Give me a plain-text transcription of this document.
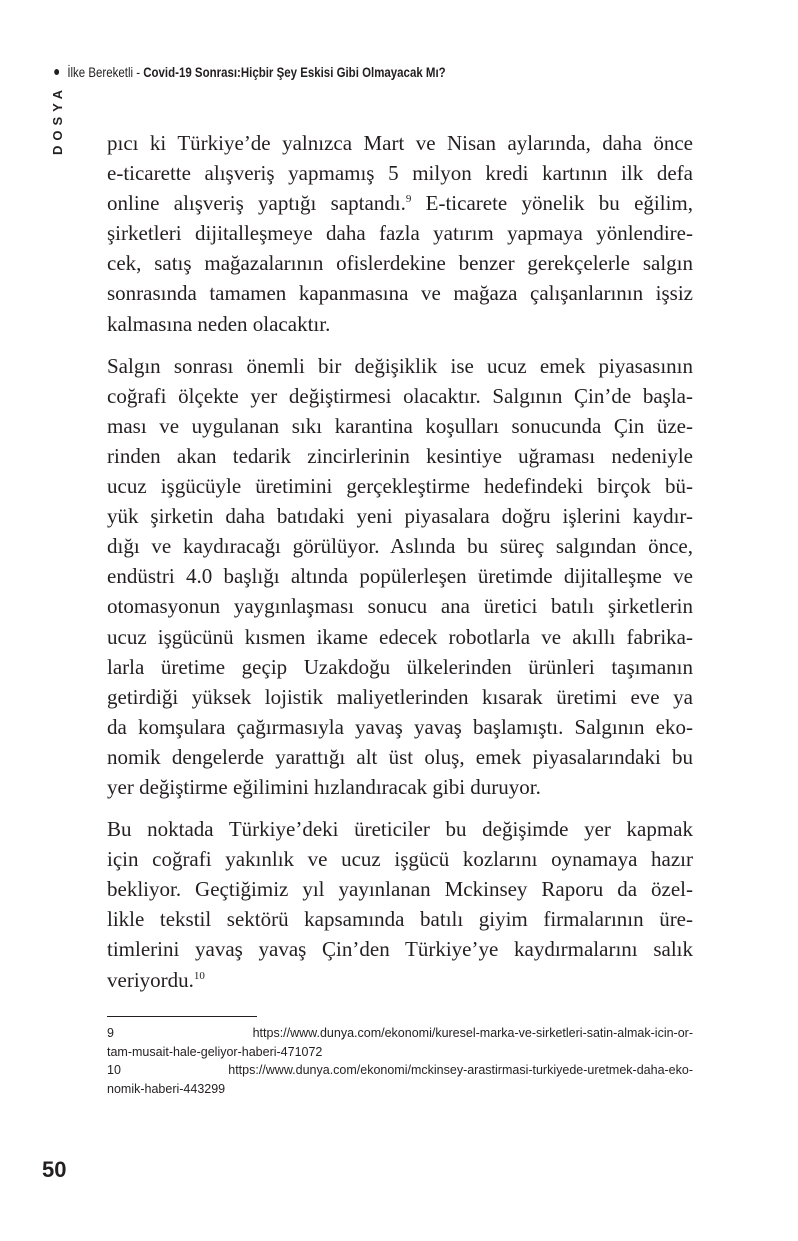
İlke Bereketli - Covid-19 Sonrası:Hiçbir Şey Eskisi Gibi Olmayacak Mı?
DOSYA pıcı ki Türkiye’de yalnızca Mart ve Nisan aylarında, daha önce
e-ticarette alışveriş yapmamış 5 milyon kredi kartının ilk defa
online alışveriş yaptığı saptandı.$^9$ E-ticarete yönelik bu eğilim,
şirketleri dijitalleşmeye daha fazla yatırım yapmaya yönlendire-
cek, satış mağazalarının ofislerdekine benzer gerekçelerle salgın
sonrasında tamamen kapanmasına ve mağaza çalışanlarının işsiz
kalmasına neden olacaktır.
Salgın sonrası önemli bir değişiklik ise ucuz emek piyasasının
coğrafi ölçekte yer değiştirmesi olacaktır. Salgının Çin’de başla-
ması ve uygulanan sıkı karantina koşulları sonucunda Çin üze-
rinden akan tedarik zincirlerinin kesintiye uğraması nedeniyle
ucuz işgücüyle üretimini gerçekleştirme hedefindeki birçok bü-
yük şirketin daha batıdaki yeni piyasalara doğru işlerini kaydır-
dığı ve kaydıracağı görülüyor. Aslında bu süreç salgından önce,
endüstri 4.0 başlığı altında popülerleşen üretimde dijitalleşme ve
otomasyonun yaygınlaşması sonucu ana üretici batılı şirketlerin
ucuz işgücünü kısmen ikame edecek robotlarla ve akıllı fabrika-
larla üretime geçip Uzakdoğu ülkelerinden ürünleri taşımanın
getirdiği yüksek lojistik maliyetlerinden kısarak üretimi eve ya
da komşulara çağırmasıyla yavaş yavaş başlamıştı. Salgının eko-
nomik dengelerde yarattığı alt üst oluş, emek piyasalarındaki bu
yer değiştirme eğilimini hızlandıracak gibi duruyor.
Bu noktada Türkiye’deki üreticiler bu değişimde yer kapmak
için coğrafi yakınlık ve ucuz işgücü kozlarını oynamaya hazır
bekliyor. Geçtiğimiz yıl yayınlanan Mckinsey Raporu da özel-
likle tekstil sektörü kapsamında batılı giyim firmalarının üre-
timlerini yavaş yavaş Çin’den Türkiye’ye kaydırmalarını salık
veriyordu.$^{10}$
9 https://www.dunya.com/ekonomi/kuresel-marka-ve-sirketleri-satin-almak-icin-or-
tam-musait-hale-geliyor-haberi-471072
10 https://www.dunya.com/ekonomi/mckinsey-arastirmasi-turkiyede-uretmek-daha-eko-
nomik-haberi-443299
50
